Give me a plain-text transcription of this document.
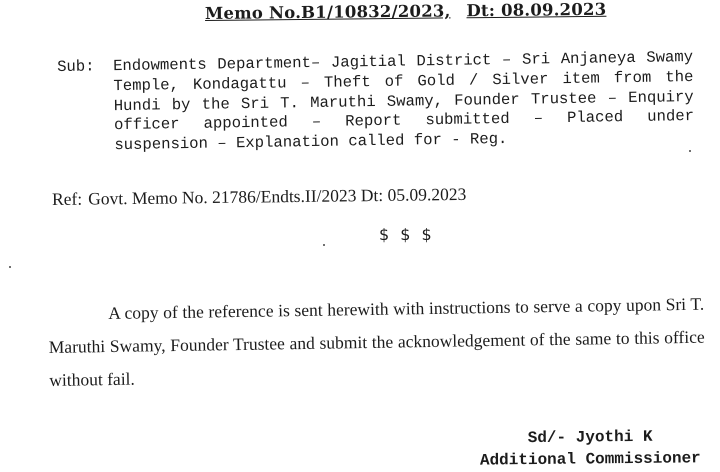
Memo No.B1/10832/2023, Dt: 08.09.2023
Sub: Endowments Department– Jagitial District – Sri Anjaneya Swamy Temple, Kondagattu – Theft of Gold / Silver item from the Hundi by the Sri T. Maruthi Swamy, Founder Trustee – Enquiry officer appointed – Report submitted – Placed under suspension – Explanation called for - Reg.
Ref: Govt. Memo No. 21786/Endts.II/2023 Dt: 05.09.2023
$ $ $
A copy of the reference is sent herewith with instructions to serve a copy upon Sri T. Maruthi Swamy, Founder Trustee and submit the acknowledgement of the same to this office without fail.
Sd/- Jyothi K
Additional Commissioner
